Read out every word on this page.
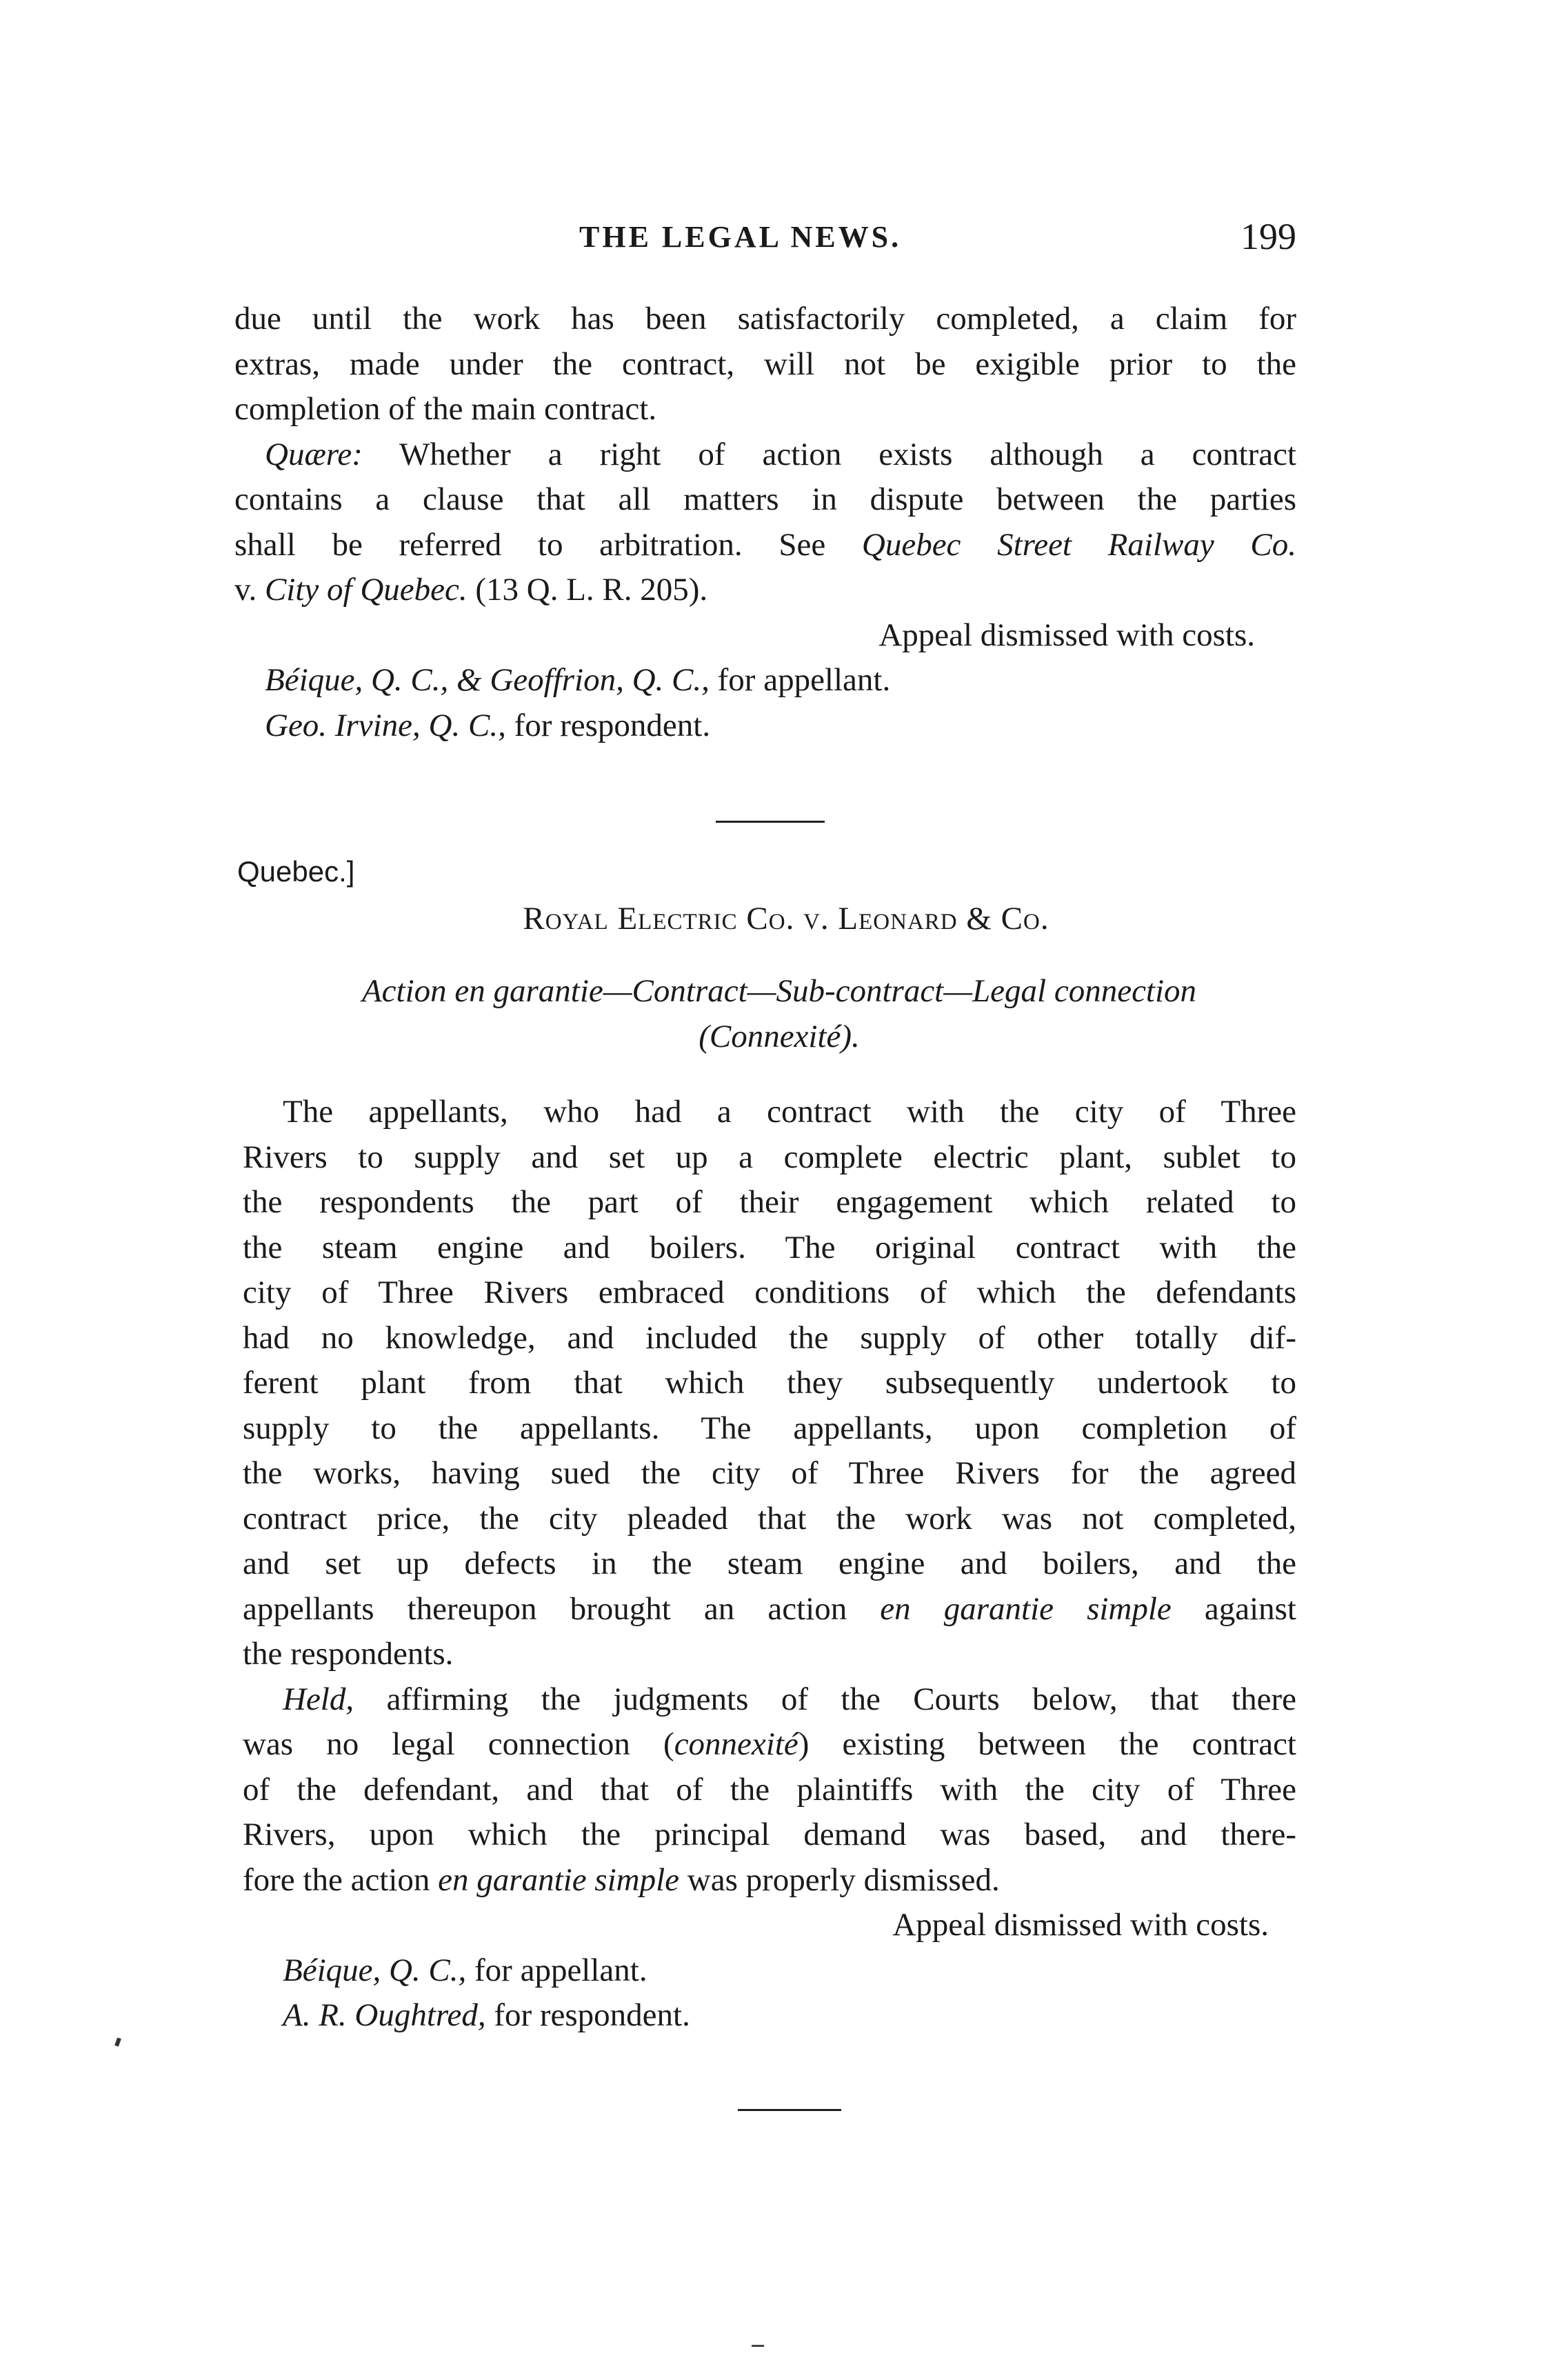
THE LEGAL NEWS.	199
due until the work has been satisfactorily completed, a claim for
extras, made under the contract, will not be exigible prior to the
completion of the main contract.
Quære: Whether a right of action exists although a contract
contains a clause that all matters in dispute between the parties
shall be referred to arbitration. See Quebec Street Railway Co.
v. City of Quebec. (13 Q. L. R. 205).
Appeal dismissed with costs.
Béique, Q. C., & Geoffrion, Q. C., for appellant.
Geo. Irvine, Q. C., for respondent.
Quebec.]
Royal Electric Co. v. Leonard & Co.
Action en garantie—Contract—Sub-contract—Legal connection
(Connexité).
The appellants, who had a contract with the city of Three
Rivers to supply and set up a complete electric plant, sublet to
the respondents the part of their engagement which related to
the steam engine and boilers. The original contract with the
city of Three Rivers embraced conditions of which the defendants
had no knowledge, and included the supply of other totally dif-
ferent plant from that which they subsequently undertook to
supply to the appellants. The appellants, upon completion of
the works, having sued the city of Three Rivers for the agreed
contract price, the city pleaded that the work was not completed,
and set up defects in the steam engine and boilers, and the
appellants thereupon brought an action en garantie simple against
the respondents.
Held, affirming the judgments of the Courts below, that there
was no legal connection (connexité) existing between the contract
of the defendant, and that of the plaintiffs with the city of Three
Rivers, upon which the principal demand was based, and there-
fore the action en garantie simple was properly dismissed.
Appeal dismissed with costs.
Béique, Q. C., for appellant.
A. R. Oughtred, for respondent.
